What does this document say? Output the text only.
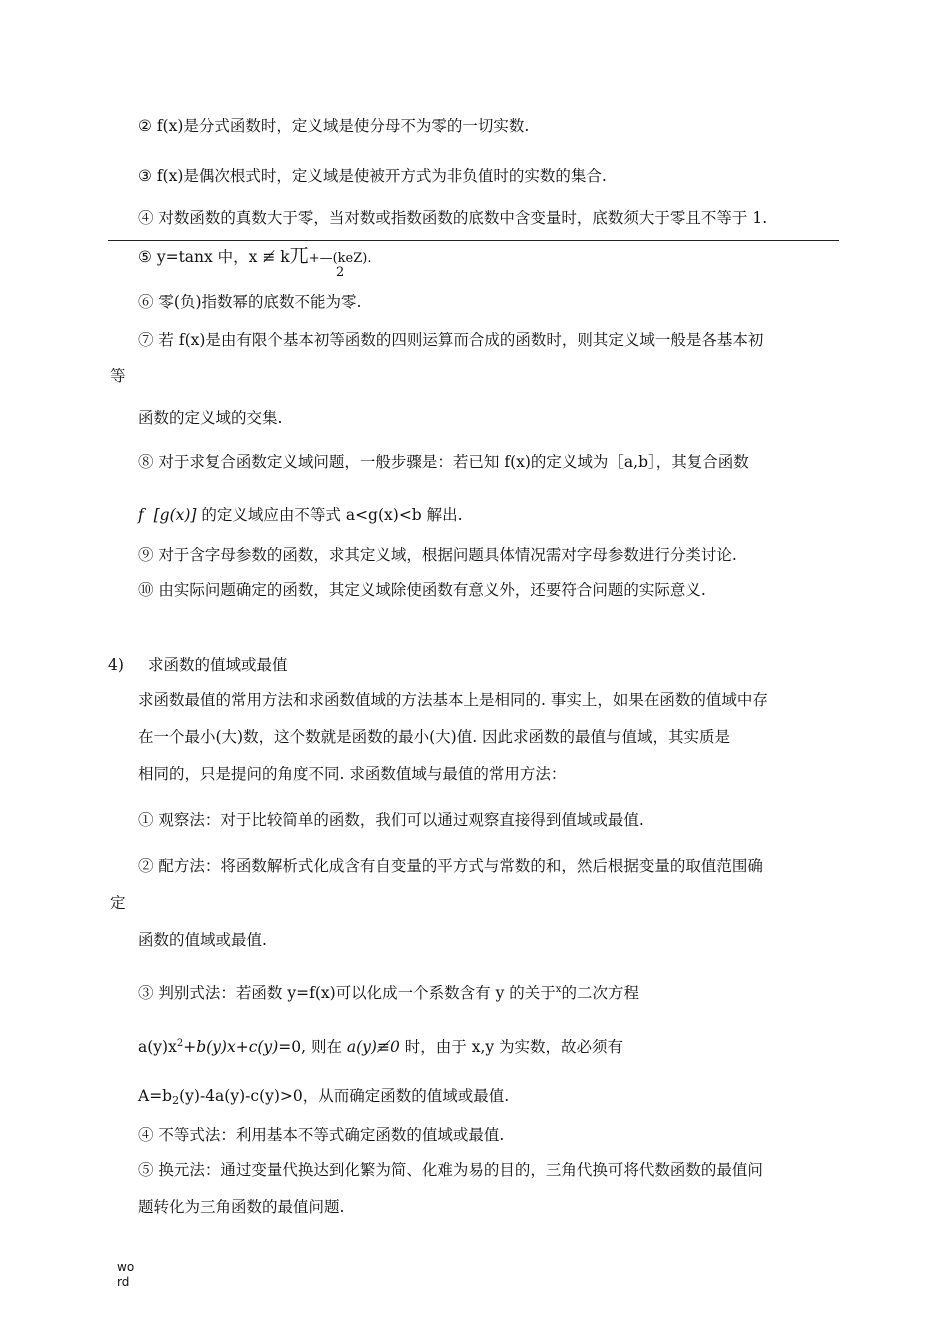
② f(x)是分式函数时，定义域是使分母不为零的一切实数.
③ f(x)是偶次根式时，定义域是使被开方式为非负值时的实数的集合.
④ 对数函数的真数大于零，当对数或指数函数的底数中含变量时，底数须大于零且不等于 1.
⑤ y=tanx 中，x ≢ k兀+—(keZ).
2
⑥ 零(负)指数幂的底数不能为零.
⑦ 若 f(x)是由有限个基本初等函数的四则运算而合成的函数时，则其定义域一般是各基本初
等
函数的定义域的交集.
⑧ 对于求复合函数定义域问题，一般步骤是：若已知 f(x)的定义域为［a,b］，其复合函数
f [g(x)] 的定义域应由不等式 a<g(x)<b 解出.
⑨ 对于含字母参数的函数，求其定义域，根据问题具体情况需对字母参数进行分类讨论.
⑩ 由实际问题确定的函数，其定义域除使函数有意义外，还要符合问题的实际意义.
4) 求函数的值域或最值
求函数最值的常用方法和求函数值域的方法基本上是相同的. 事实上，如果在函数的值域中存
在一个最小(大)数，这个数就是函数的最小(大)值. 因此求函数的最值与值域，其实质是
相同的，只是提问的角度不同. 求函数值域与最值的常用方法：
① 观察法：对于比较简单的函数，我们可以通过观察直接得到值域或最值.
② 配方法：将函数解析式化成含有自变量的平方式与常数的和，然后根据变量的取值范围确
定
函数的值域或最值.
③ 判别式法：若函数 y=f(x)可以化成一个系数含有 y 的关于$^x$的二次方程
$a(y)x^2+b(y)x+c(y)=0$, 则在 a(y)≢0 时，由于 x,y 为实数，故必须有
A=b2(y)-4a(y)-c(y)>0，从而确定函数的值域或最值.
④ 不等式法：利用基本不等式确定函数的值域或最值.
⑤ 换元法：通过变量代换达到化繁为简、化难为易的目的，三角代换可将代数函数的最值问
题转化为三角函数的最值问题.
wo
rd
